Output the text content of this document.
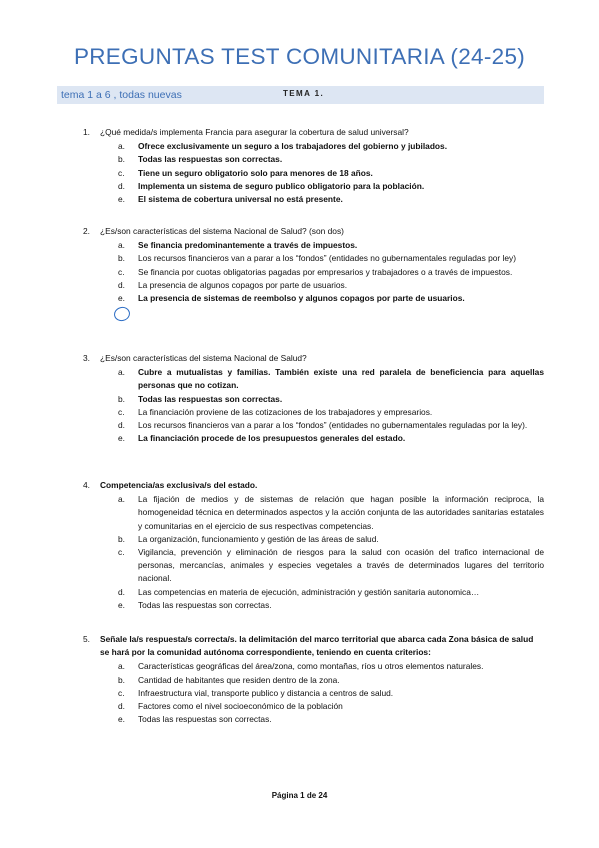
PREGUNTAS TEST COMUNITARIA (24-25)
tema 1 a 6 , todas nuevas	TEMA 1.
1. ¿Qué medida/s implementa Francia para asegurar la cobertura de salud universal?
a. Ofrece exclusivamente un seguro a los trabajadores del gobierno y jubilados.
b. Todas las respuestas son correctas.
c. Tiene un seguro obligatorio solo para menores de 18 años.
d. Implementa un sistema de seguro publico obligatorio para la población.
e. El sistema de cobertura universal no está presente.
2. ¿Es/son características del sistema Nacional de Salud? (son dos)
a. Se financia predominantemente a través de impuestos.
b. Los recursos financieros van a parar a los “fondos” (entidades no gubernamentales reguladas por ley)
c. Se financia por cuotas obligatorias pagadas por empresarios y trabajadores o a través de impuestos.
d. La presencia de algunos copagos por parte de usuarios.
e. La presencia de sistemas de reembolso y algunos copagos por parte de usuarios.
3. ¿Es/son características del sistema Nacional de Salud?
a. Cubre a mutualistas y familias. También existe una red paralela de beneficiencia para aquellas personas que no cotizan.
b. Todas las respuestas son correctas.
c. La financiación proviene de las cotizaciones de los trabajadores y empresarios.
d. Los recursos financieros van a parar a los “fondos” (entidades no gubernamentales reguladas por la ley).
e. La financiación procede de los presupuestos generales del estado.
4. Competencia/as exclusiva/s del estado.
a. La fijación de medios y de sistemas de relación que hagan posible la información reciproca, la homogeneidad técnica en determinados aspectos y la acción conjunta de las autoridades sanitarias estatales y comunitarias en el ejercicio de sus respectivas competencias.
b. La organización, funcionamiento y gestión de las áreas de salud.
c. Vigilancia, prevención y eliminación de riesgos para la salud con ocasión del trafico internacional de personas, mercancías, animales y especies vegetales a través de determinados lugares del territorio nacional.
d. Las competencias en materia de ejecución, administración y gestión sanitaria autonomica…
e. Todas las respuestas son correctas.
5. Señale la/s respuesta/s correcta/s. la delimitación del marco territorial que abarca cada Zona básica de salud se hará por la comunidad autónoma correspondiente, teniendo en cuenta criterios:
a. Características geográficas del área/zona, como montañas, ríos u otros elementos naturales.
b. Cantidad de habitantes que residen dentro de la zona.
c. Infraestructura vial, transporte publico y distancia a centros de salud.
d. Factores como el nivel socioeconómico de la población
e. Todas las respuestas son correctas.
Página 1 de 24
